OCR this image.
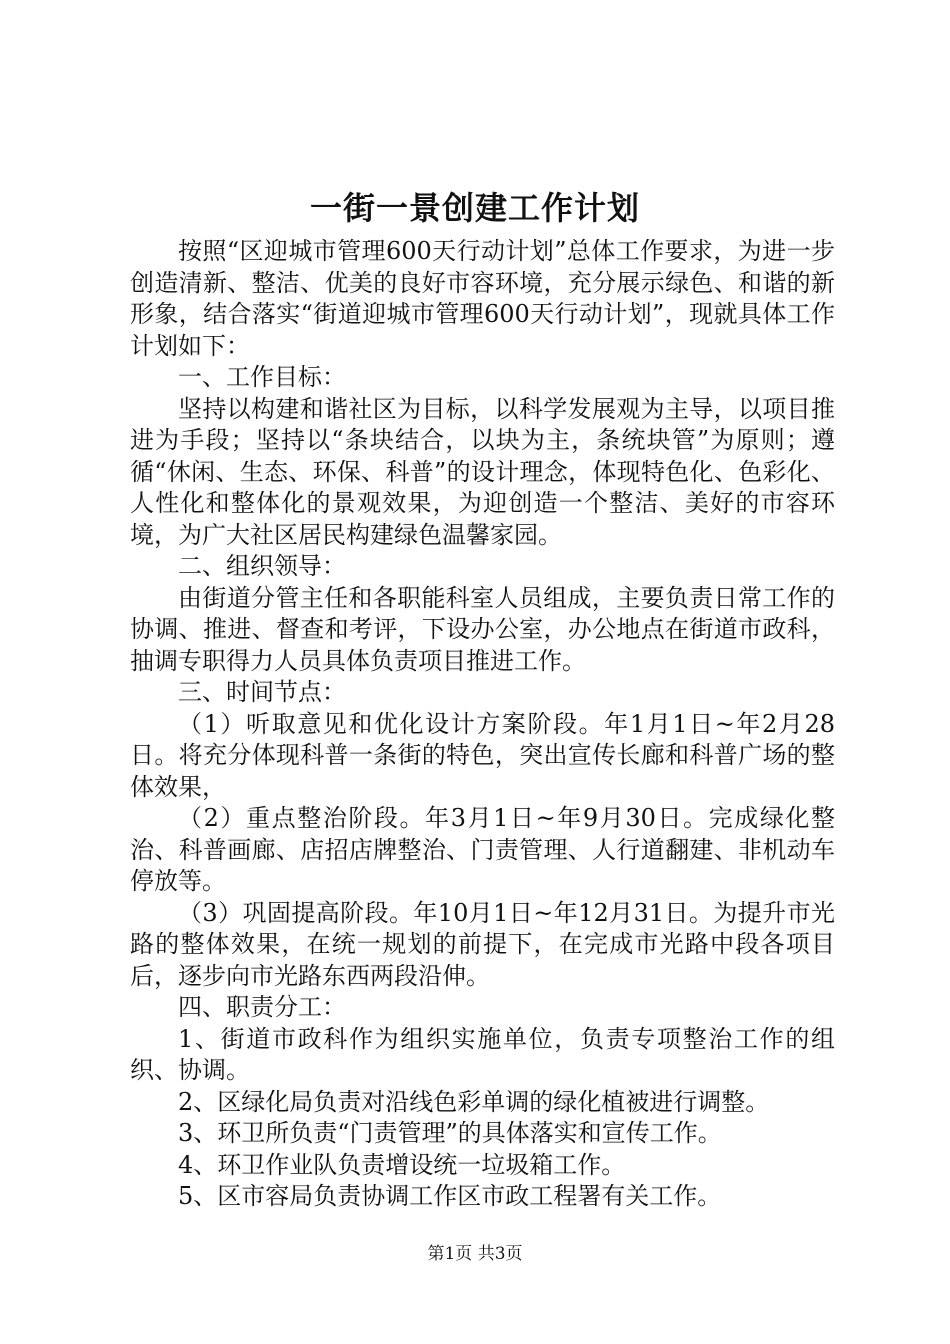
一街一景创建工作计划

按照“区迎城市管理600天行动计划”总体工作要求，为进一步创造清新、整洁、优美的良好市容环境，充分展示绿色、和谐的新形象，结合落实“街道迎城市管理600天行动计划”，现就具体工作计划如下：

一、工作目标：

坚持以构建和谐社区为目标，以科学发展观为主导，以项目推进为手段；坚持以“条块结合，以块为主，条统块管”为原则；遵循“休闲、生态、环保、科普”的设计理念，体现特色化、色彩化、人性化和整体化的景观效果，为迎创造一个整洁、美好的市容环境，为广大社区居民构建绿色温馨家园。

二、组织领导：

由街道分管主任和各职能科室人员组成，主要负责日常工作的协调、推进、督查和考评，下设办公室，办公地点在街道市政科，抽调专职得力人员具体负责项目推进工作。

三、时间节点：

（1）听取意见和优化设计方案阶段。年1月1日~年2月28日。将充分体现科普一条街的特色，突出宣传长廊和科普广场的整体效果，

（2）重点整治阶段。年3月1日~年9月30日。完成绿化整治、科普画廊、店招店牌整治、门责管理、人行道翻建、非机动车停放等。

（3）巩固提高阶段。年10月1日~年12月31日。为提升市光路的整体效果，在统一规划的前提下，在完成市光路中段各项目后，逐步向市光路东西两段沿伸。

四、职责分工：

1、街道市政科作为组织实施单位，负责专项整治工作的组织、协调。

2、区绿化局负责对沿线色彩单调的绿化植被进行调整。

3、环卫所负责“门责管理”的具体落实和宣传工作。

4、环卫作业队负责增设统一垃圾箱工作。

5、区市容局负责协调工作区市政工程署有关工作。

第1页 共3页
